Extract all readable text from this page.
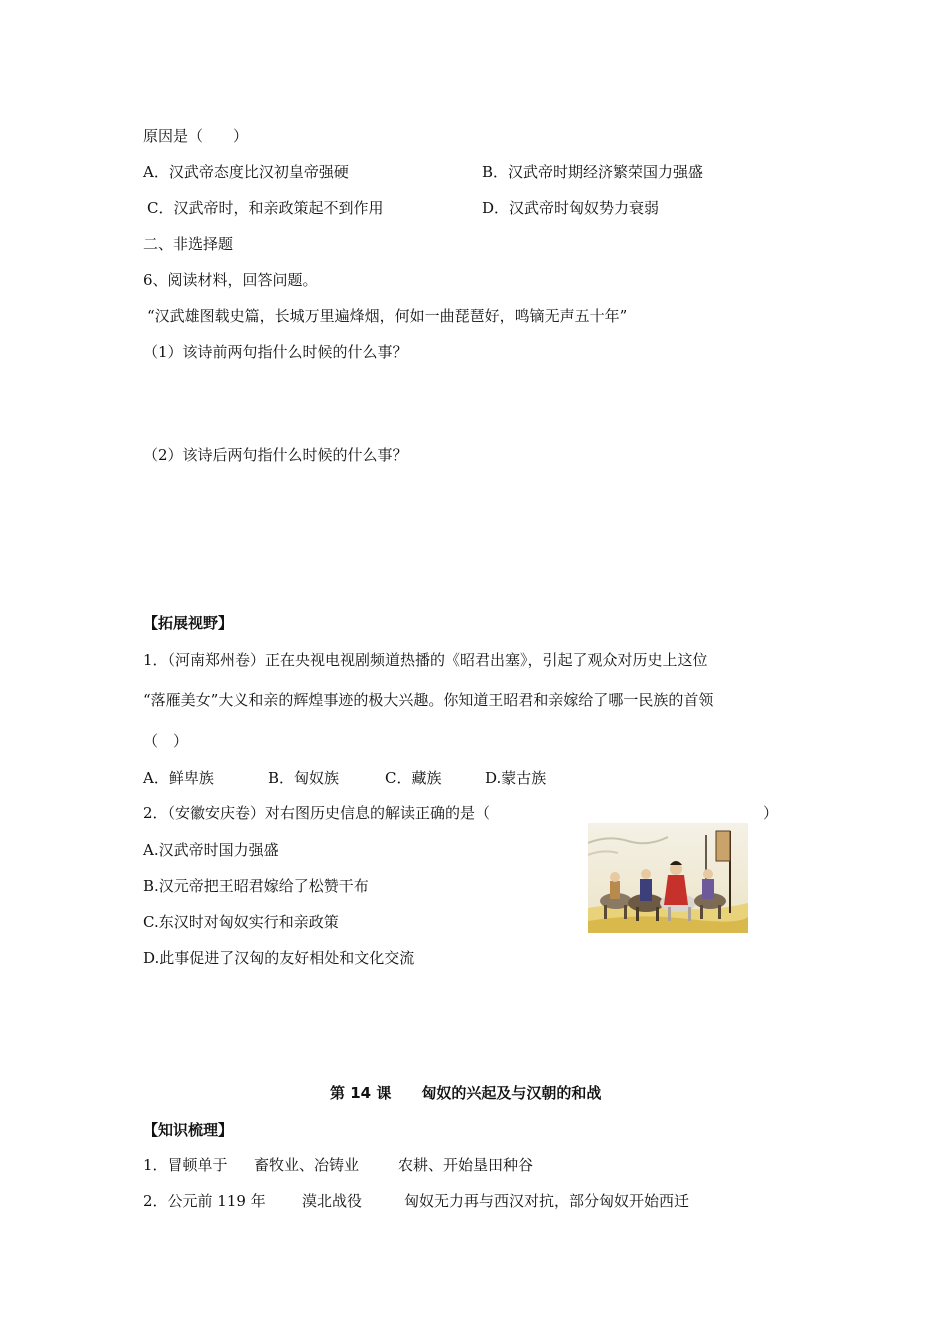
原因是（　　）
A．汉武帝态度比汉初皇帝强硬	B．汉武帝时期经济繁荣国力强盛
C．汉武帝时，和亲政策起不到作用	D．汉武帝时匈奴势力衰弱
二、非选择题
6、阅读材料，回答问题。
“汉武雄图载史篇，长城万里遍烽烟，何如一曲琵琶好，鸣镝无声五十年”
（1）该诗前两句指什么时候的什么事？
（2）该诗后两句指什么时候的什么事？
【拓展视野】
1．（河南郑州卷）正在央视电视剧频道热播的《昭君出塞》，引起了观众对历史上这位
“落雁美女”大义和亲的辉煌事迹的极大兴趣。你知道王昭君和亲嫁给了哪一民族的首领
（　）
A．鲜卑族	B．匈奴族	C．藏族	D.蒙古族
2．（安徽安庆卷）对右图历史信息的解读正确的是（	）
A.汉武帝时国力强盛
B.汉元帝把王昭君嫁给了松赞干布
C.东汉时对匈奴实行和亲政策
D.此事促进了汉匈的友好相处和文化交流
第 14 课　　匈奴的兴起及与汉朝的和战
【知识梳理】
1．冒顿单于 畜牧业、冶铸业	农耕、开始垦田种谷
2．公元前 119 年 漠北战役	匈奴无力再与西汉对抗，部分匈奴开始西迁
